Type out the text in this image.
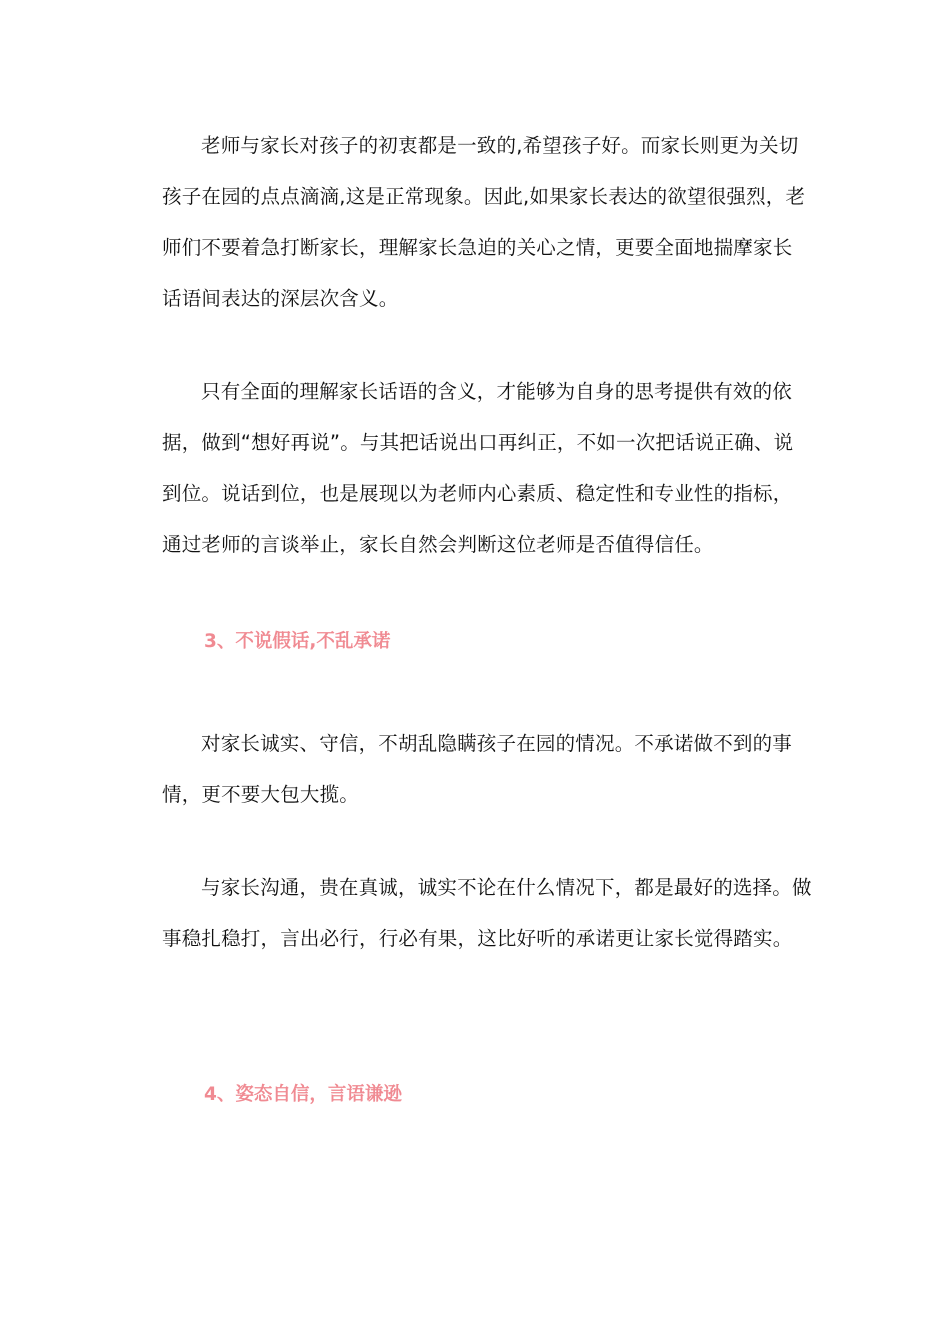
老师与家长对孩子的初衷都是一致的,希望孩子好。而家长则更为关切孩子在园的点点滴滴,这是正常现象。因此,如果家长表达的欲望很强烈，老师们不要着急打断家长，理解家长急迫的关心之情，更要全面地揣摩家长话语间表达的深层次含义。

只有全面的理解家长话语的含义，才能够为自身的思考提供有效的依据，做到“想好再说”。与其把话说出口再纠正，不如一次把话说正确、说到位。说话到位，也是展现以为老师内心素质、稳定性和专业性的指标，通过老师的言谈举止，家长自然会判断这位老师是否值得信任。

3、不说假话,不乱承诺

对家长诚实、守信，不胡乱隐瞒孩子在园的情况。不承诺做不到的事情，更不要大包大揽。

与家长沟通，贵在真诚，诚实不论在什么情况下，都是最好的选择。做事稳扎稳打，言出必行，行必有果，这比好听的承诺更让家长觉得踏实。

4、姿态自信，言语谦逊
